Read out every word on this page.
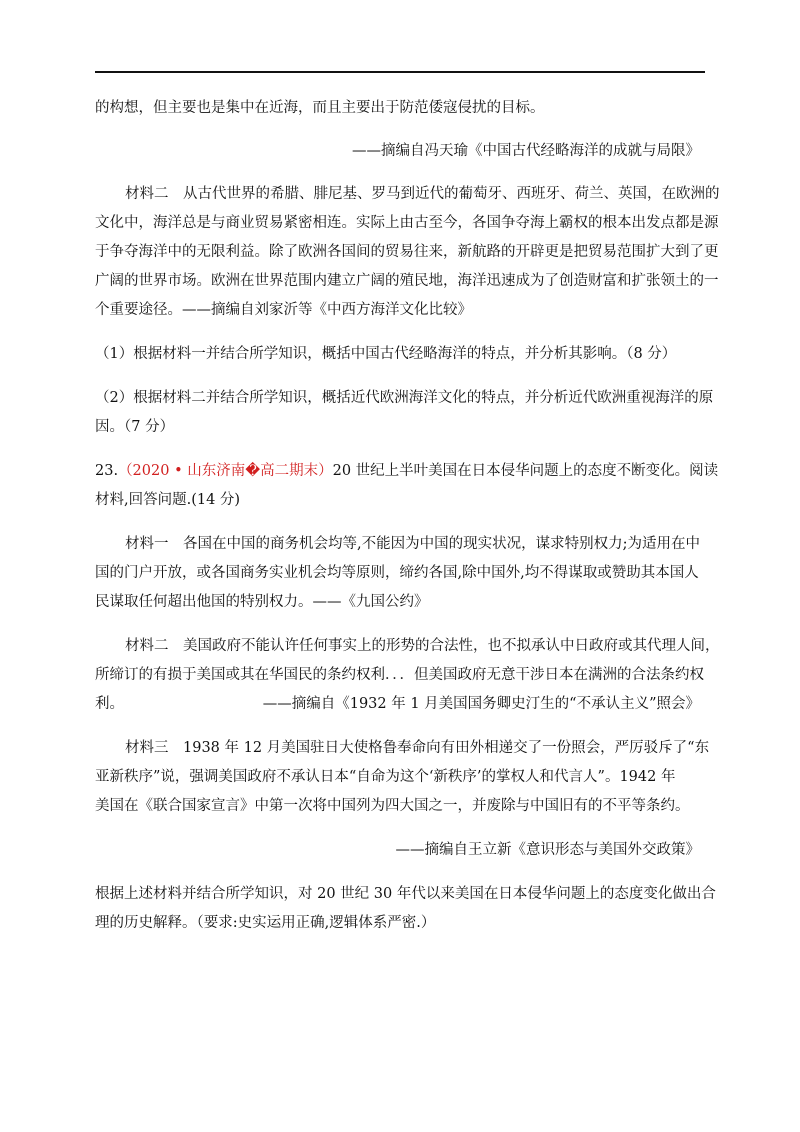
的构想，但主要也是集中在近海，而且主要出于防范倭寇侵扰的目标。
——摘编自冯天瑜《中国古代经略海洋的成就与局限》
材料二　从古代世界的希腊、腓尼基、罗马到近代的葡萄牙、西班牙、荷兰、英国，在欧洲的
文化中，海洋总是与商业贸易紧密相连。实际上由古至今，各国争夺海上霸权的根本出发点都是源
于争夺海洋中的无限利益。除了欧洲各国间的贸易往来，新航路的开辟更是把贸易范围扩大到了更
广阔的世界市场。欧洲在世界范围内建立广阔的殖民地，海洋迅速成为了创造财富和扩张领土的一
个重要途径。——摘编自刘家沂等《中西方海洋文化比较》
（1）根据材料一并结合所学知识，概括中国古代经略海洋的特点，并分析其影响。（8 分）
（2）根据材料二并结合所学知识，概括近代欧洲海洋文化的特点，并分析近代欧洲重视海洋的原
因。（7 分）
23.（2020 • 山东济南�高二期末）20 世纪上半叶美国在日本侵华问题上的态度不断变化。阅读
材料,回答问题.(14 分)
材料一　各国在中国的商务机会均等,不能因为中国的现实状况，谋求特别权力;为适用在中
国的门户开放，或各国商务实业机会均等原则，缔约各国,除中国外,均不得谋取或赞助其本国人
民谋取任何超出他国的特别权力。——《九国公约》
材料二　美国政府不能认许任何事实上的形势的合法性，也不拟承认中日政府或其代理人间，
所缔订的有损于美国或其在华国民的条约权利．．．但美国政府无意干涉日本在满洲的合法条约权
利。	——摘编自《1932 年 1 月美国国务卿史汀生的“不承认主义”照会》
材料三　1938 年 12 月美国驻日大使格鲁奉命向有田外相递交了一份照会，严厉驳斥了“东
亚新秩序”说，强调美国政府不承认日本“自命为这个‘新秩序’的掌权人和代言人”。1942 年
美国在《联合国家宣言》中第一次将中国列为四大国之一，并废除与中国旧有的不平等条约。
——摘编自王立新《意识形态与美国外交政策》
根据上述材料并结合所学知识，对 20 世纪 30 年代以来美国在日本侵华问题上的态度变化做出合
理的历史解释。（要求:史实运用正确,逻辑体系严密.）
